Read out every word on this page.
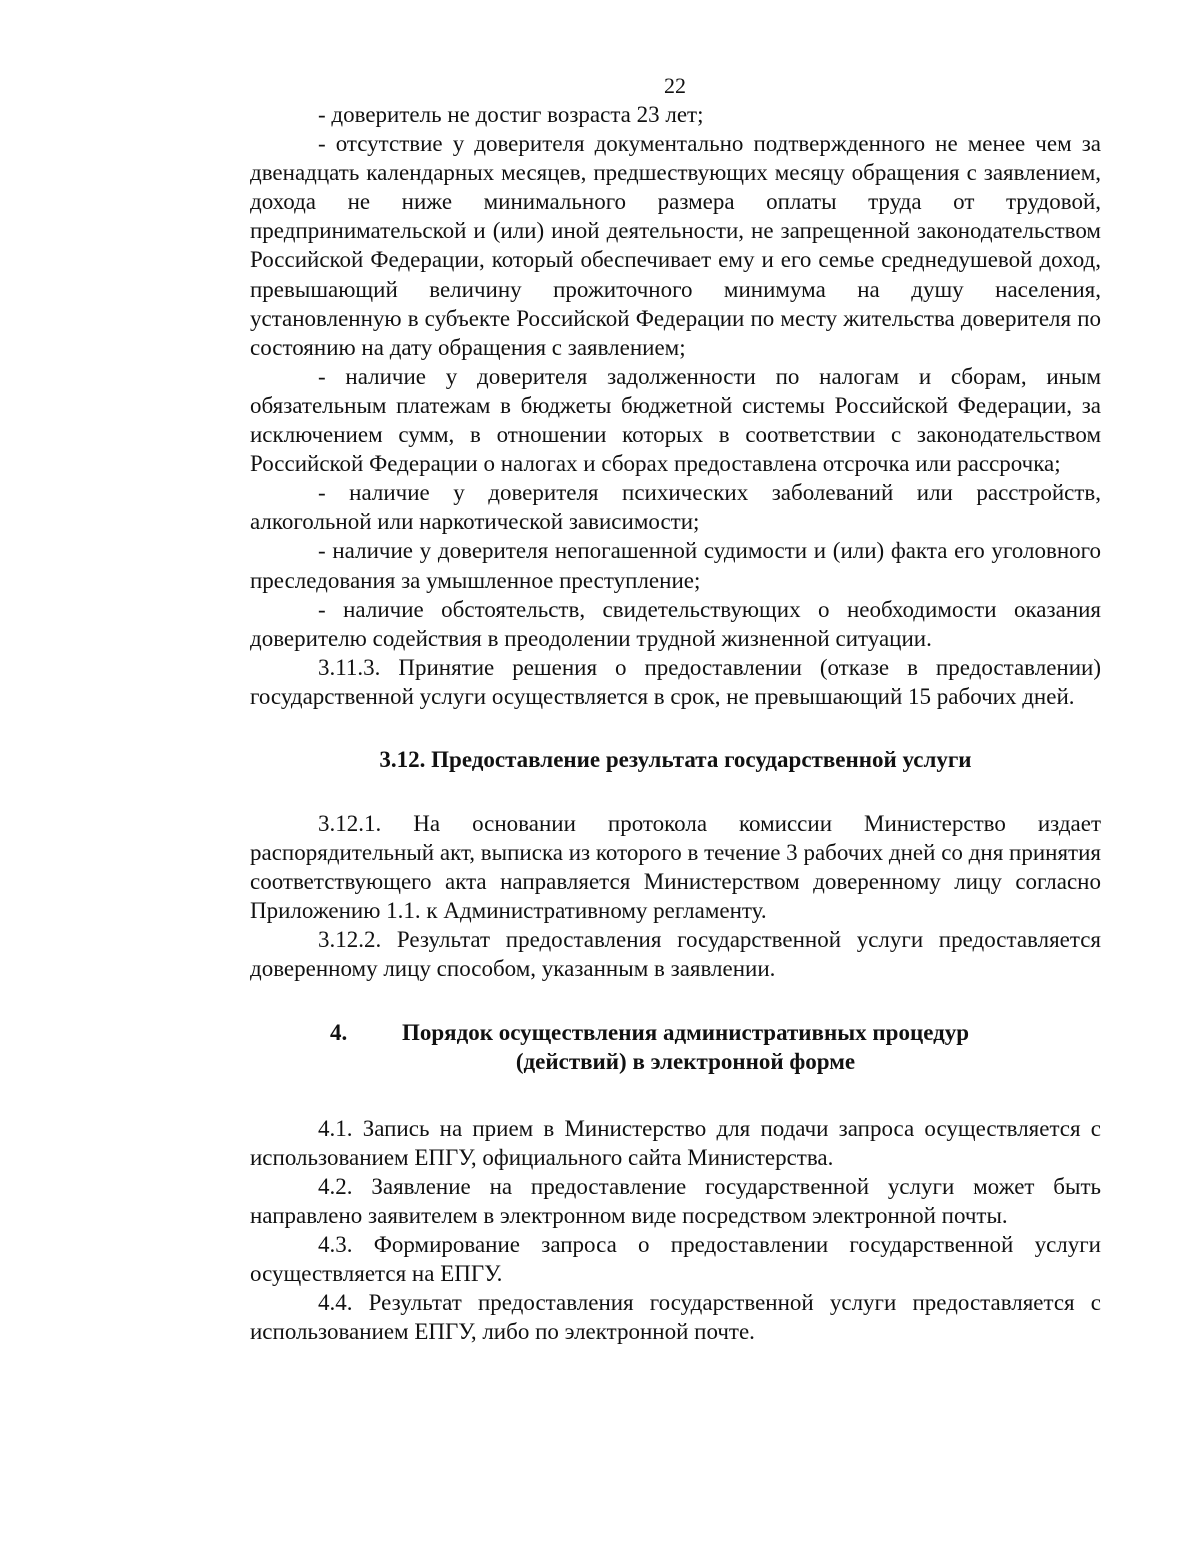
22

- доверитель не достиг возраста 23 лет;

- отсутствие у доверителя документально подтвержденного не менее чем за двенадцать календарных месяцев, предшествующих месяцу обращения с заявлением, дохода не ниже минимального размера оплаты труда от трудовой, предпринимательской и (или) иной деятельности, не запрещенной законодательством Российской Федерации, который обеспечивает ему и его семье среднедушевой доход, превышающий величину прожиточного минимума на душу населения, установленную в субъекте Российской Федерации по месту жительства доверителя по состоянию на дату обращения с заявлением;

- наличие у доверителя задолженности по налогам и сборам, иным обязательным платежам в бюджеты бюджетной системы Российской Федерации, за исключением сумм, в отношении которых в соответствии с законодательством Российской Федерации о налогах и сборах предоставлена отсрочка или рассрочка;

- наличие у доверителя психических заболеваний или расстройств, алкогольной или наркотической зависимости;

- наличие у доверителя непогашенной судимости и (или) факта его уголовного преследования за умышленное преступление;

- наличие обстоятельств, свидетельствующих о необходимости оказания доверителю содействия в преодолении трудной жизненной ситуации.

3.11.3. Принятие решения о предоставлении (отказе в предоставлении) государственной услуги осуществляется в срок, не превышающий 15 рабочих дней.

3.12. Предоставление результата государственной услуги

3.12.1. На основании протокола комиссии Министерство издает распорядительный акт, выписка из которого в течение 3 рабочих дней со дня принятия соответствующего акта направляется Министерством доверенному лицу согласно Приложению 1.1. к Административному регламенту.

3.12.2. Результат предоставления государственной услуги предоставляется доверенному лицу способом, указанным в заявлении.

4.	Порядок осуществления административных процедур
(действий) в электронной форме

4.1. Запись на прием в Министерство для подачи запроса осуществляется с использованием ЕПГУ, официального сайта Министерства.

4.2. Заявление на предоставление государственной услуги может быть направлено заявителем в электронном виде посредством электронной почты.

4.3. Формирование запроса о предоставлении государственной услуги осуществляется на ЕПГУ.

4.4. Результат предоставления государственной услуги предоставляется с использованием ЕПГУ, либо по электронной почте.
